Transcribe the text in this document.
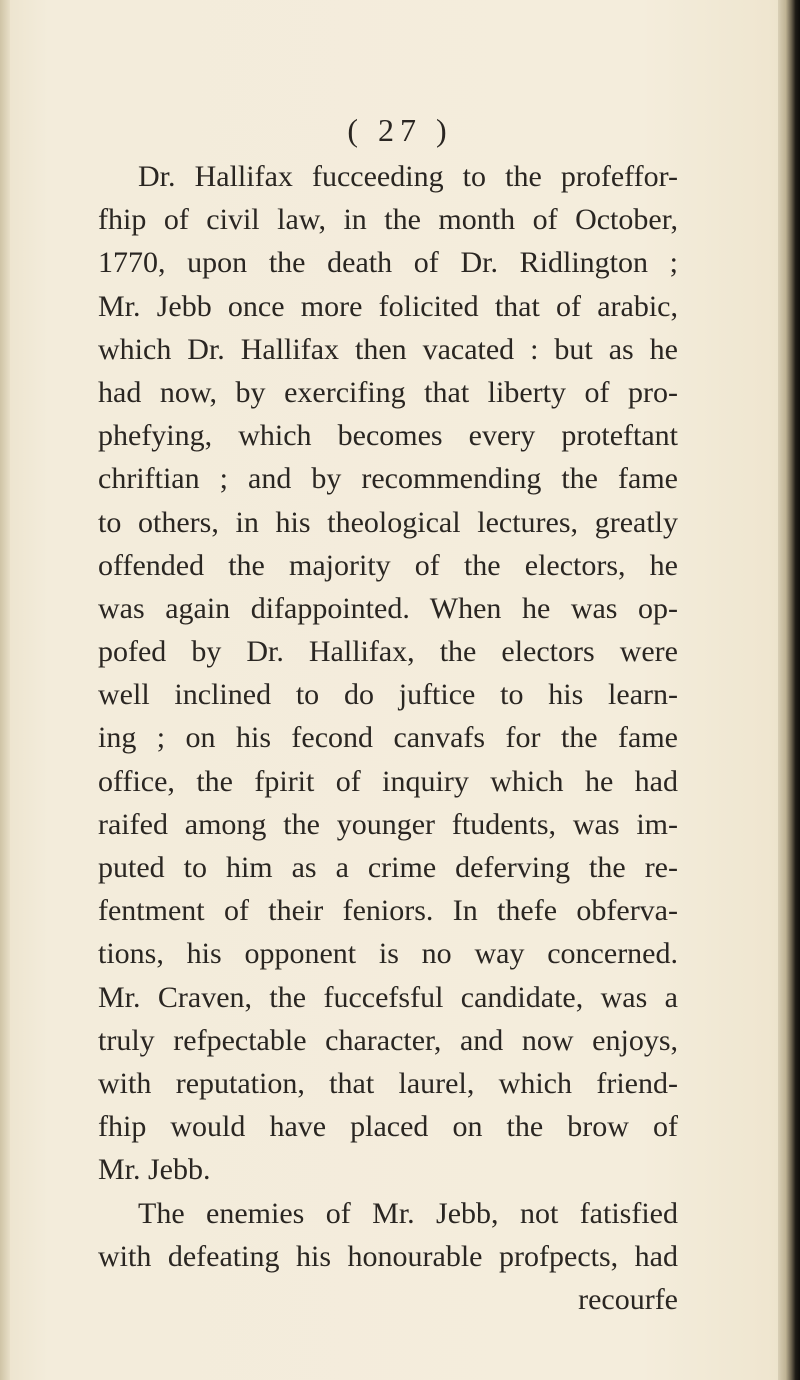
( 27 )
Dr. Hallifax fucceeding to the profeffor-
fhip of civil law, in the month of October,
1770, upon the death of Dr. Ridlington ;
Mr. Jebb once more folicited that of arabic,
which Dr. Hallifax then vacated : but as he
had now, by exercifing that liberty of pro-
phefying, which becomes every proteftant
chriftian ; and by recommending the fame
to others, in his theological lectures, greatly
offended the majority of the electors, he
was again difappointed. When he was op-
pofed by Dr. Hallifax, the electors were
well inclined to do juftice to his learn-
ing ; on his fecond canvafs for the fame
office, the fpirit of inquiry which he had
raifed among the younger ftudents, was im-
puted to him as a crime deferving the re-
fentment of their feniors. In thefe obferva-
tions, his opponent is no way concerned.
Mr. Craven, the fuccefsful candidate, was a
truly refpectable character, and now enjoys,
with reputation, that laurel, which friend-
fhip would have placed on the brow of
Mr. Jebb.
The enemies of Mr. Jebb, not fatisfied
with defeating his honourable profpects, had
recourfe
